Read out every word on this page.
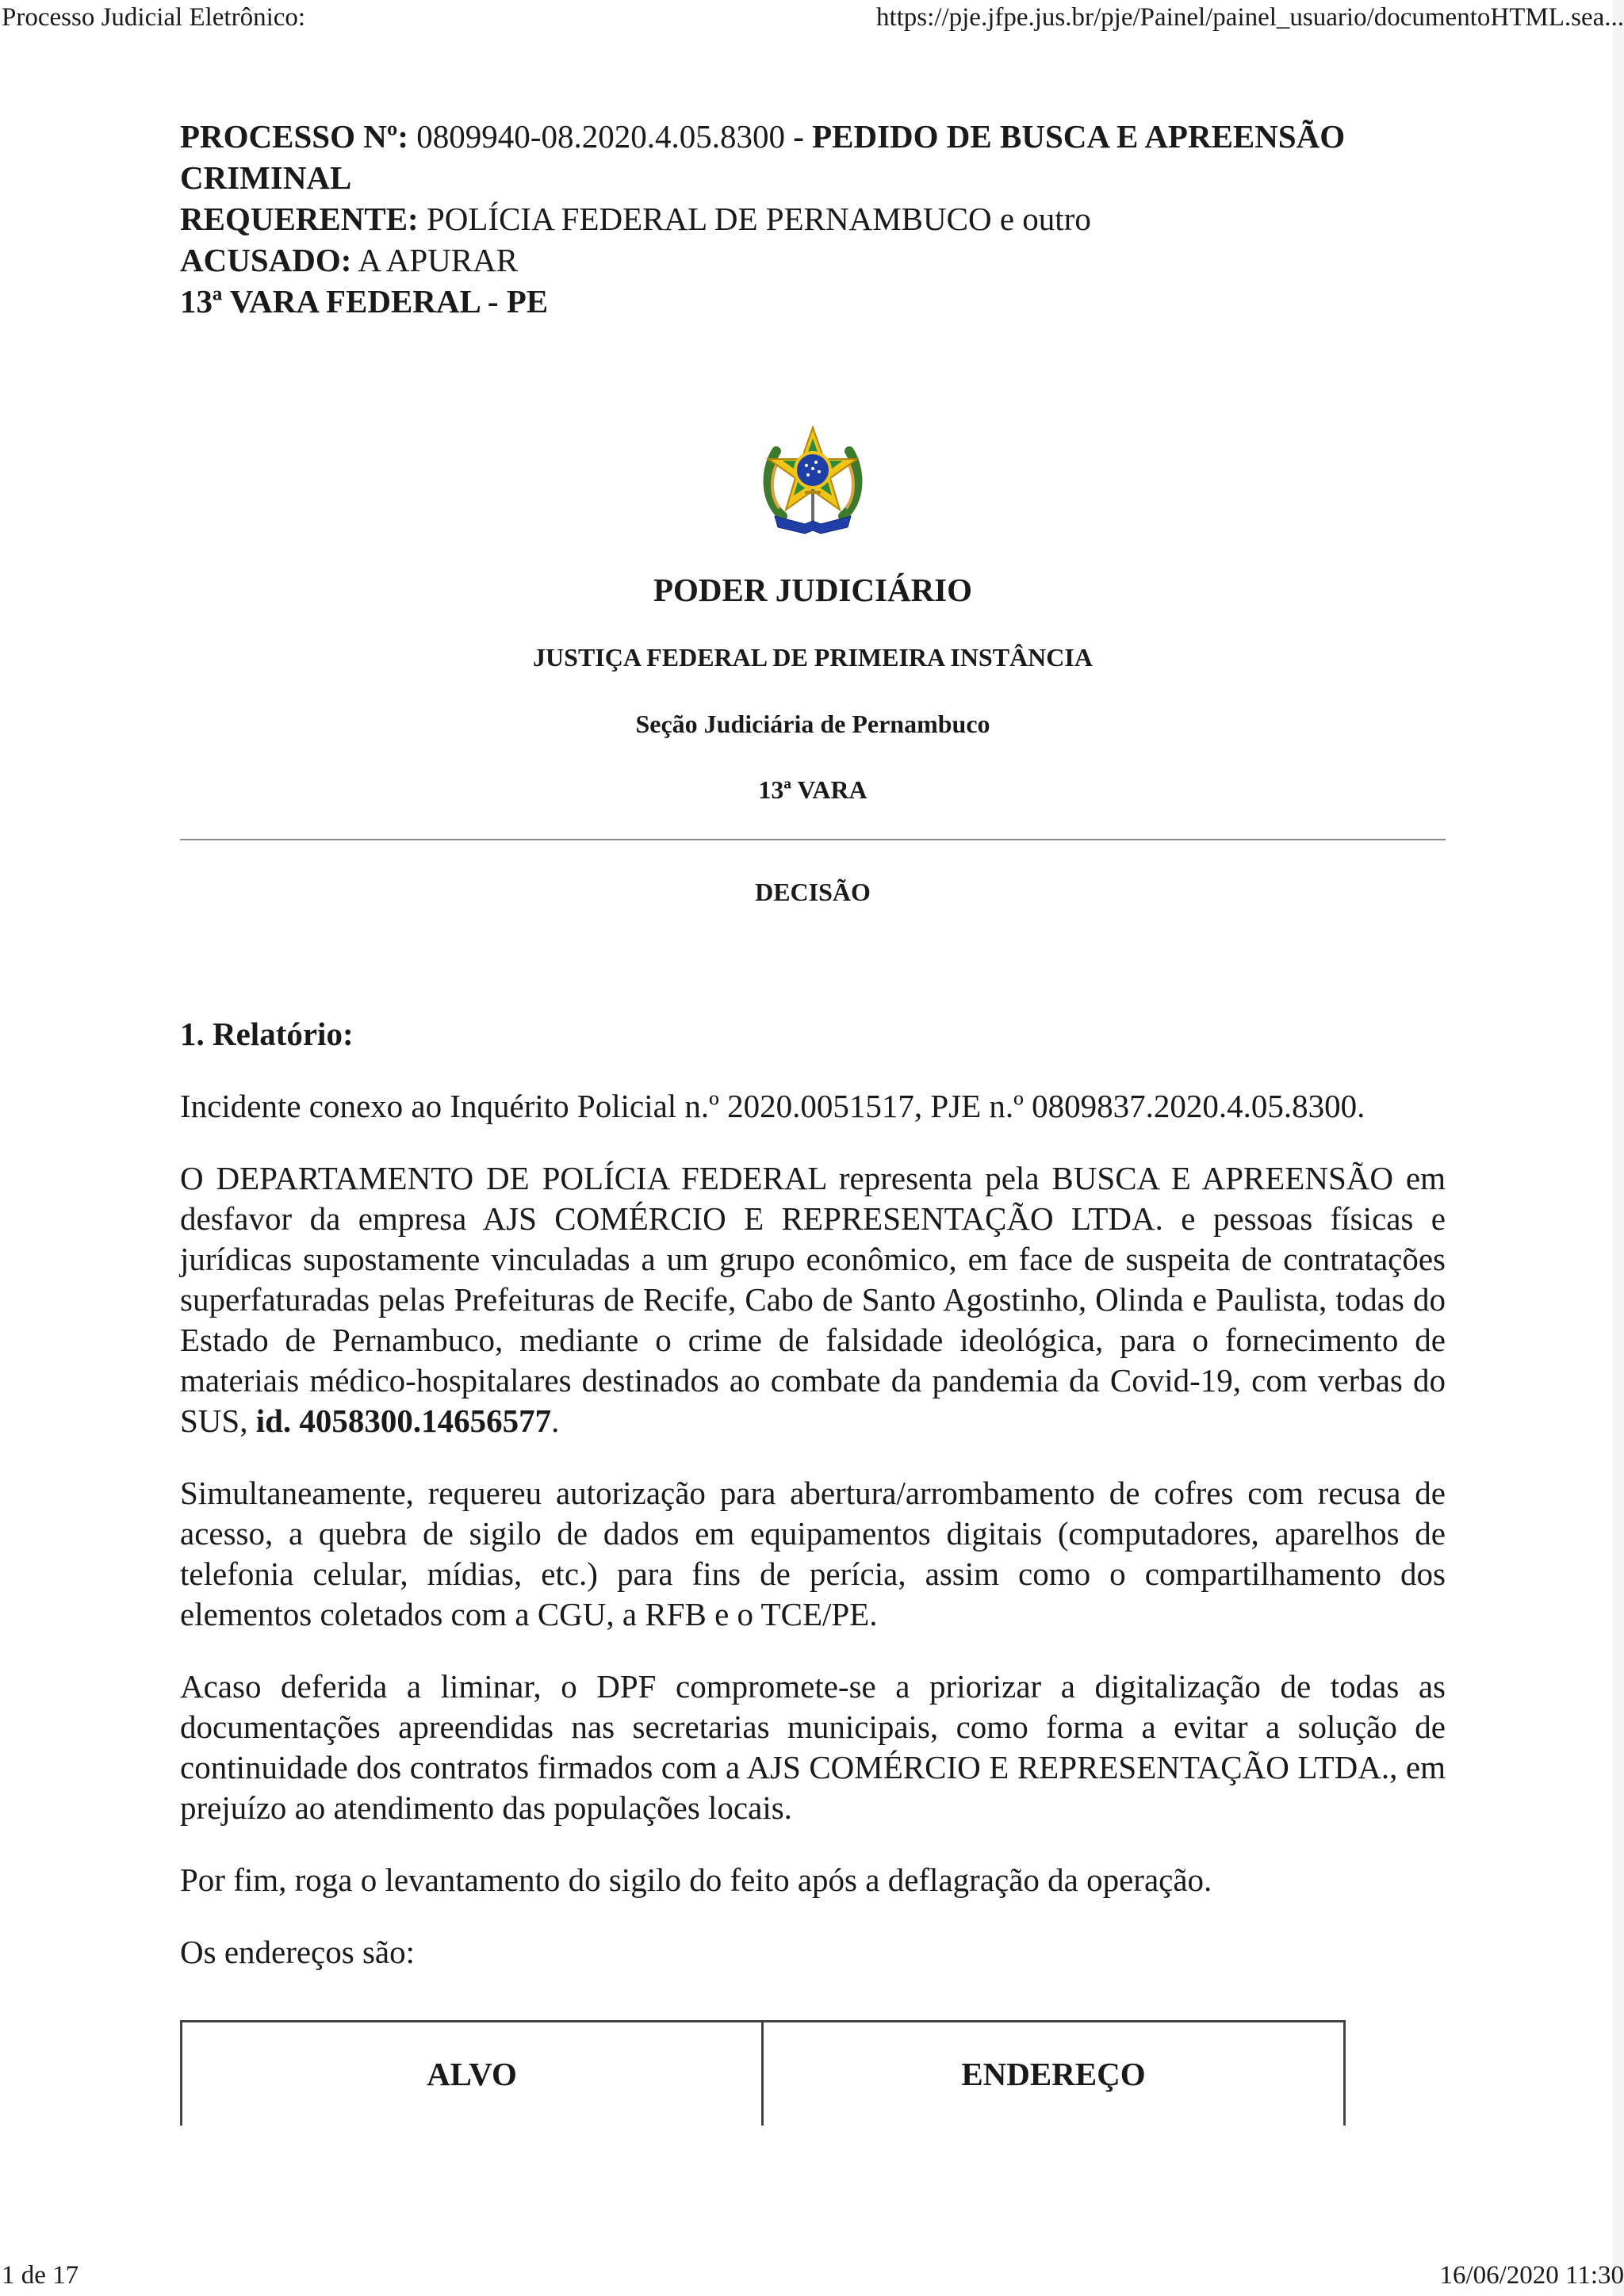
Processo Judicial Eletrônico:	https://pje.jfpe.jus.br/pje/Painel/painel_usuario/documentoHTML.sea...

PROCESSO Nº: 0809940-08.2020.4.05.8300 - PEDIDO DE BUSCA E APREENSÃO CRIMINAL

REQUERENTE: POLÍCIA FEDERAL DE PERNAMBUCO e outro

ACUSADO: A APURAR

13ª VARA FEDERAL - PE

PODER JUDICIÁRIO
JUSTIÇA FEDERAL DE PRIMEIRA INSTÂNCIA
Seção Judiciária de Pernambuco
13ª VARA
DECISÃO
1. Relatório:

Incidente conexo ao Inquérito Policial n.º 2020.0051517, PJE n.º 0809837.2020.4.05.8300.

O DEPARTAMENTO DE POLÍCIA FEDERAL representa pela BUSCA E APREENSÃO em desfavor da empresa AJS COMÉRCIO E REPRESENTAÇÃO LTDA. e pessoas físicas e jurídicas supostamente vinculadas a um grupo econômico, em face de suspeita de contratações superfaturadas pelas Prefeituras de Recife, Cabo de Santo Agostinho, Olinda e Paulista, todas do Estado de Pernambuco, mediante o crime de falsidade ideológica, para o fornecimento de materiais médico-hospitalares destinados ao combate da pandemia da Covid-19, com verbas do SUS, id. 4058300.14656577.

Simultaneamente, requereu autorização para abertura/arrombamento de cofres com recusa de acesso, a quebra de sigilo de dados em equipamentos digitais (computadores, aparelhos de telefonia celular, mídias, etc.) para fins de perícia, assim como o compartilhamento dos elementos coletados com a CGU, a RFB e o TCE/PE.

Acaso deferida a liminar, o DPF compromete-se a priorizar a digitalização de todas as documentações apreendidas nas secretarias municipais, como forma a evitar a solução de continuidade dos contratos firmados com a AJS COMÉRCIO E REPRESENTAÇÃO LTDA., em prejuízo ao atendimento das populações locais.

Por fim, roga o levantamento do sigilo do feito após a deflagração da operação.

Os endereços são:

ALVO	ENDEREÇO
1 de 17	16/06/2020 11:30
